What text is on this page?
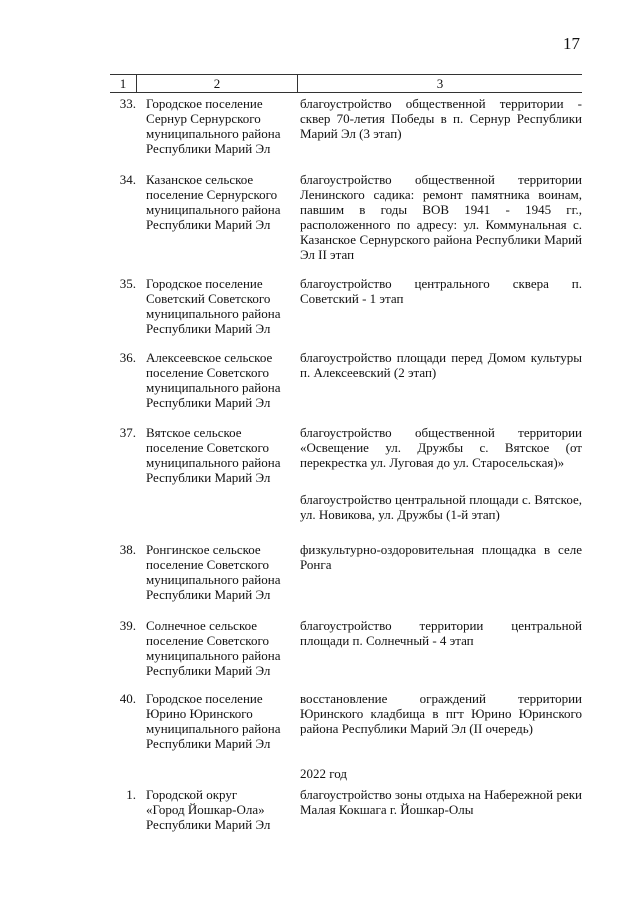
17
1	2	3
33. Городское поселение
Сернур Сернурского
муниципального района
Республики Марий Эл

благоустройство общественной территории - сквер 70-летия Победы в п. Сернур Республики Марий Эл (3 этап)

34. Казанское сельское
поселение Сернурского
муниципального района
Республики Марий Эл

благоустройство общественной территории Ленинского садика: ремонт памятника воинам, павшим в годы ВОВ 1941 - 1945 гг., расположенного по адресу: ул. Коммунальная с. Казанское Сернурского района Республики Марий Эл II этап

35. Городское поселение
Советский Советского
муниципального района
Республики Марий Эл

благоустройство центрального сквера п. Советский - 1 этап

36. Алексеевское сельское
поселение Советского
муниципального района
Республики Марий Эл

благоустройство площади перед Домом культуры п. Алексеевский (2 этап)

37. Вятское сельское
поселение Советского
муниципального района
Республики Марий Эл

благоустройство общественной территории «Освещение ул. Дружбы с. Вятское (от перекрестка ул. Луговая до ул. Старосельская)»

благоустройство центральной площади с. Вятское, ул. Новикова, ул. Дружбы (1-й этап)

38. Ронгинское сельское
поселение Советского
муниципального района
Республики Марий Эл

физкультурно-оздоровительная площадка в селе Ронга

39. Солнечное сельское
поселение Советского
муниципального района
Республики Марий Эл

благоустройство территории центральной площади п. Солнечный - 4 этап

40. Городское поселение
Юрино Юринского
муниципального района
Республики Марий Эл

восстановление ограждений территории Юринского кладбища в пгт Юрино Юринского района Республики Марий Эл (II очередь)

2022 год
1. Городской округ
«Город Йошкар-Ола»
Республики Марий Эл

благоустройство зоны отдыха на Набережной реки Малая Кокшага г. Йошкар-Олы
